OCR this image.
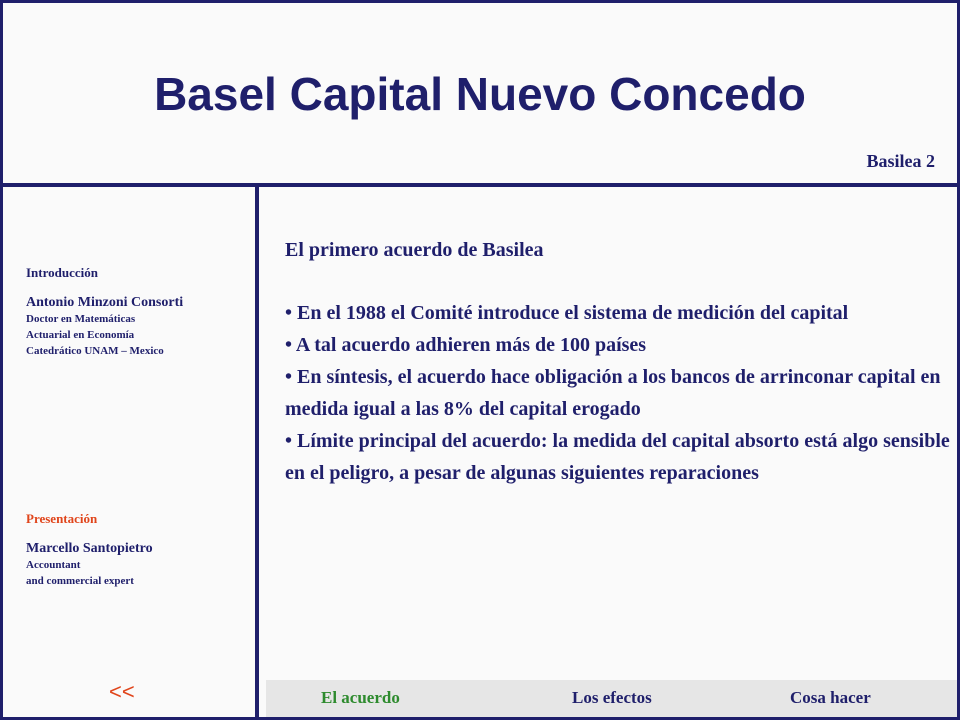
Basel Capital Nuevo Concedo
Basilea 2
Introducción
Antonio Minzoni Consorti
Doctor en Matemáticas
Actuarial en Economía
Catedrático UNAM – Mexico
Presentación
Marcello Santopietro
Accountant
and commercial expert
<<
El primero acuerdo de Basilea

• En el 1988 el Comité introduce el sistema de medición del capital

• A tal acuerdo adhieren más de 100 países

• En síntesis, el acuerdo hace obligación a los bancos de arrinconar capital en medida igual a las 8% del capital erogado

• Límite principal del acuerdo: la medida del capital absorto está algo sensible en el peligro, a pesar de algunas siguientes reparaciones

El acuerdo	Los efectos	Cosa hacer
